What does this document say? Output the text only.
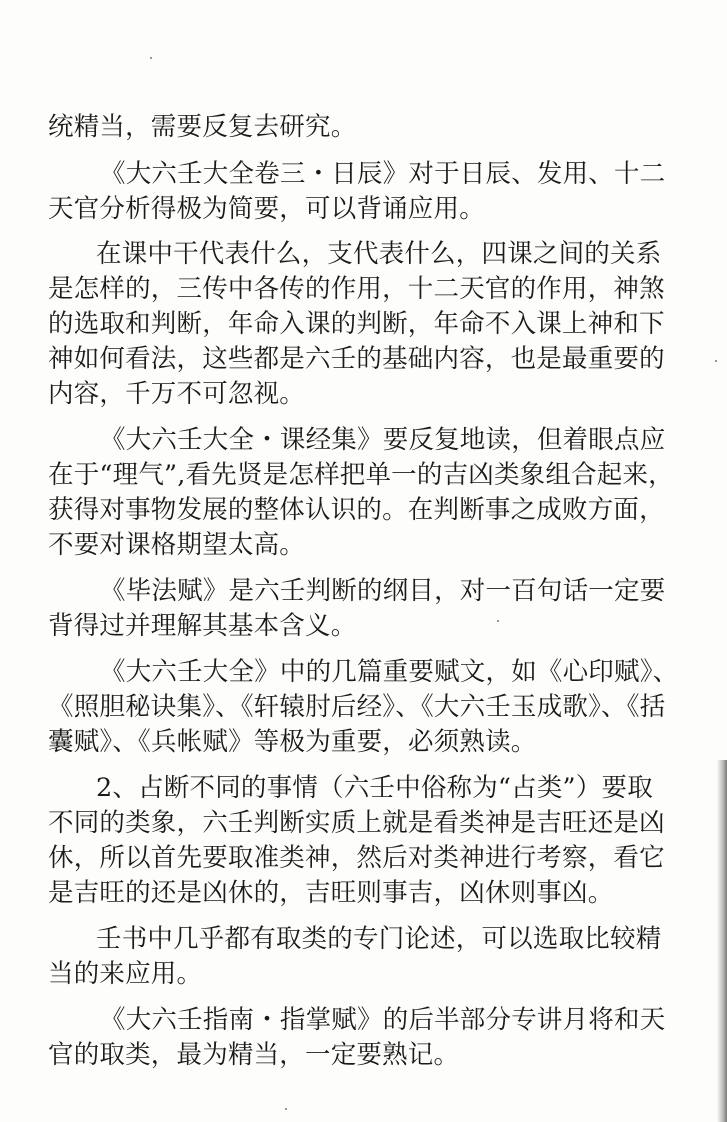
统精当，需要反复去研究。
《大六壬大全卷三・日辰》对于日辰、发用、十二
天官分析得极为简要，可以背诵应用。
在课中干代表什么，支代表什么，四课之间的关系
是怎样的，三传中各传的作用，十二天官的作用，神煞
的选取和判断，年命入课的判断，年命不入课上神和下
神如何看法，这些都是六壬的基础内容，也是最重要的
内容，千万不可忽视。
《大六壬大全・课经集》要反复地读，但着眼点应
在于“理气”,看先贤是怎样把单一的吉凶类象组合起来，
获得对事物发展的整体认识的。在判断事之成败方面，
不要对课格期望太高。
《毕法赋》是六壬判断的纲目，对一百句话一定要
背得过并理解其基本含义。
《大六壬大全》中的几篇重要赋文，如《心印赋》、
《照胆秘诀集》、《轩辕肘后经》、《大六壬玉成歌》、《括
囊赋》、《兵帐赋》等极为重要，必须熟读。
2、占断不同的事情（六壬中俗称为“占类”）要取
不同的类象，六壬判断实质上就是看类神是吉旺还是凶
休，所以首先要取准类神，然后对类神进行考察，看它
是吉旺的还是凶休的，吉旺则事吉，凶休则事凶。
壬书中几乎都有取类的专门论述，可以选取比较精
当的来应用。
《大六壬指南・指掌赋》的后半部分专讲月将和天
官的取类，最为精当，一定要熟记。
